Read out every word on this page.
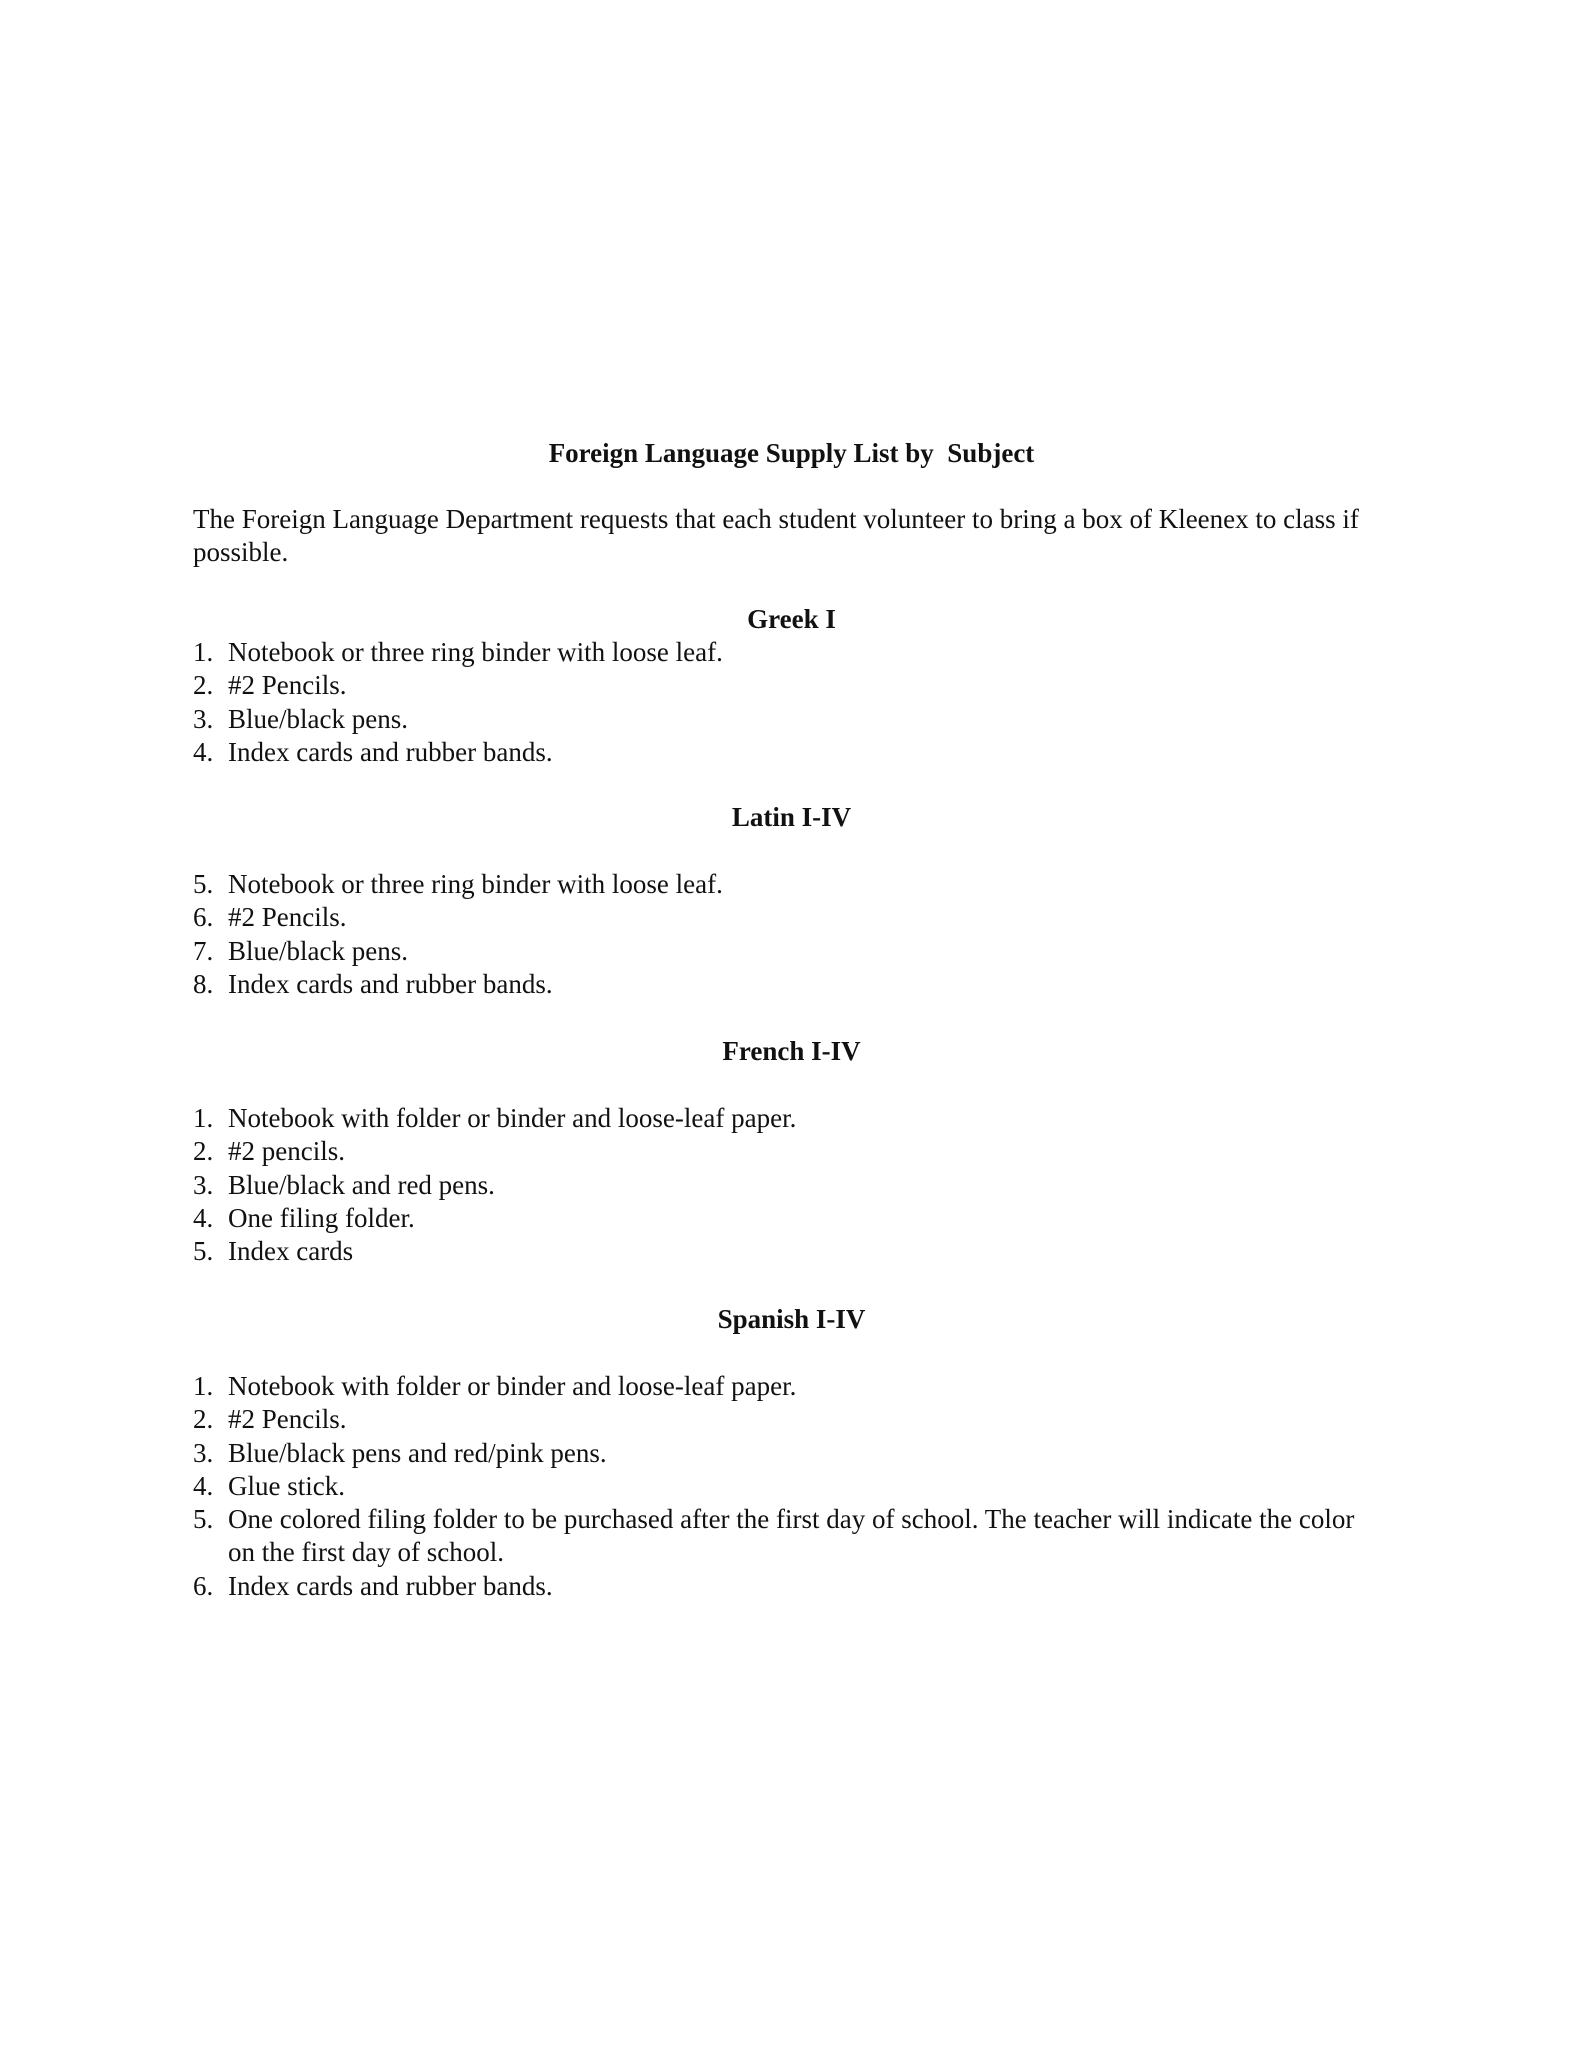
Foreign Language Supply List by  Subject
The Foreign Language Department requests that each student volunteer to bring a box of Kleenex to class if possible.
Greek I
1. Notebook or three ring binder with loose leaf.
2. #2 Pencils.
3. Blue/black pens.
4. Index cards and rubber bands.
Latin I-IV
5. Notebook or three ring binder with loose leaf.
6. #2 Pencils.
7. Blue/black pens.
8. Index cards and rubber bands.
French I-IV
1. Notebook with folder or binder and loose-leaf paper.
2. #2 pencils.
3. Blue/black and red pens.
4. One filing folder.
5. Index cards
Spanish I-IV
1. Notebook with folder or binder and loose-leaf paper.
2. #2 Pencils.
3. Blue/black pens and red/pink pens.
4. Glue stick.
5. One colored filing folder to be purchased after the first day of school. The teacher will indicate the color on the first day of school.
6. Index cards and rubber bands.
